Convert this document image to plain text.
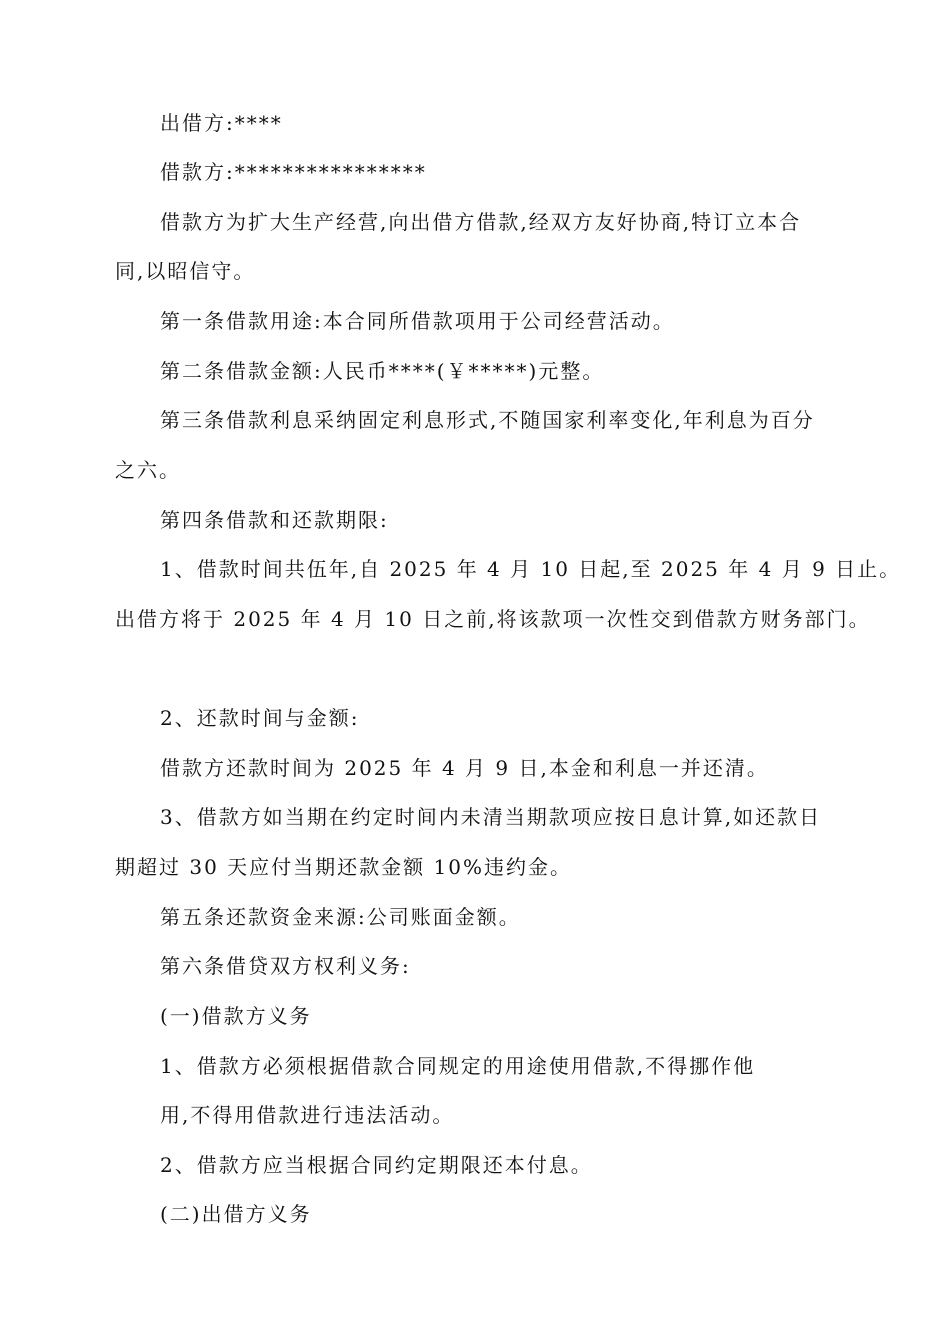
出借方:****
借款方:****************
借款方为扩大生产经营,向出借方借款,经双方友好协商,特订立本合
同,以昭信守。
第一条借款用途:本合同所借款项用于公司经营活动。
第二条借款金额:人民币****(￥*****)元整。
第三条借款利息采纳固定利息形式,不随国家利率变化,年利息为百分
之六。
第四条借款和还款期限:
1、借款时间共伍年,自 2025 年 4 月 10 日起,至 2025 年 4 月 9 日止。
出借方将于 2025 年 4 月 10 日之前,将该款项一次性交到借款方财务部门。
2、还款时间与金额:
借款方还款时间为 2025 年 4 月 9 日,本金和利息一并还清。
3、借款方如当期在约定时间内未清当期款项应按日息计算,如还款日
期超过 30 天应付当期还款金额 10%违约金。
第五条还款资金来源:公司账面金额。
第六条借贷双方权利义务:
(一)借款方义务
1、借款方必须根据借款合同规定的用途使用借款,不得挪作他
用,不得用借款进行违法活动。
2、借款方应当根据合同约定期限还本付息。
(二)出借方义务
